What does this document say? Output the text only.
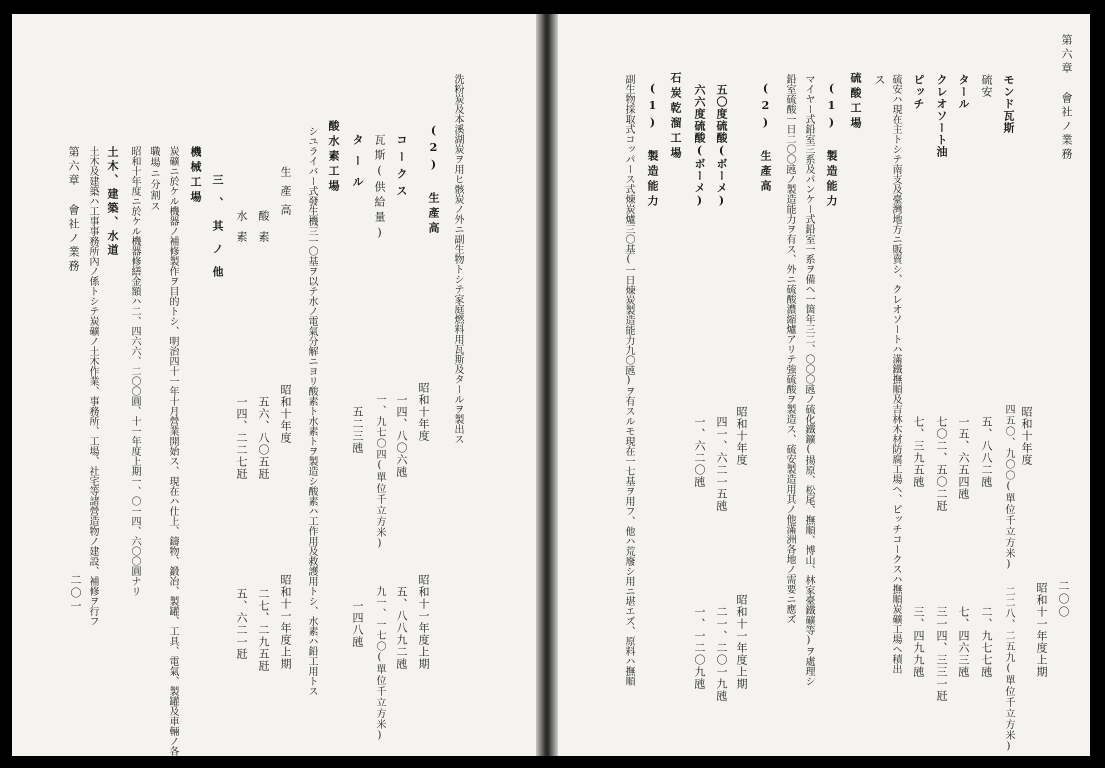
第六章 會社ノ業務
二〇〇
昭和十年度
昭和十一年度上期
モンド瓦斯
四五〇、九〇〇(單位千立方米)
二二八、二五九(單位千立方米)
硫安
五、八八二瓲
二、九七七瓲
タール
一五、六五四瓲
七、四六三瓲
クレオソート油
七〇二、五〇二瓩
三一四、三三一瓩
ピッチ
七、三九五瓲
三、四九九瓲
硫安ハ現在主トシテ南支及臺灣地方ニ販賣シ、クレオソートハ滿鐵撫順及吉林木材防腐工場ヘ、ピッチコークスハ撫順炭礦工場ヘ積出
ス
硫酸工場
(1) 製造能力
マイヤー式鉛室三系及パンケー式鉛室一系ヲ備ヘ一箇年三二、〇〇〇瓲ノ硫化鐵鑛(揚原、松尾、撫順、博山、林家臺鐵礦等)ヲ處理シ
鉛室硫酸一日二〇〇瓲ノ製造能力ヲ有ス、外ニ硫酸濃縮爐アリテ強硫酸ヲ製造ス、硫安製造用其ノ他滿洲各地ノ需要ニ應ズ
(2) 生產高
昭和十年度
昭和十一年度上期
五〇度硫酸(ボーメ)
四一、六二一五瓲
二一、二〇一九瓲
六六度硫酸(ボーメ)
一、六二〇瓲
一、一二〇九瓲
石炭乾溜工場
(1) 製造能力
副生物採取式コッパース式煉炭爐三〇基(一日煉炭製造能力九〇瓲)ヲ有スルモ現在一七基ヲ用フ、他ハ荒廢シ用ニ堪エズ、原料ハ撫順
洗粉炭及本溪湖炭ヲ用ヒ骸炭ノ外ニ副生物トシテ家庭燃料用瓦斯及タールヲ製出ス
(2) 生產高
昭和十年度
昭和十一年度上期
コークス
一四、八〇六瓲
五、八八九二瓲
瓦斯(供給量)
一、九七〇四(單位千立方米)
九一、一七〇(單位千立方米)
タール
五二三瓲
一四八瓲
酸水素工場
シユライバー式發生機三一〇基ヲ以テ水ノ電氣分解ニヨリ酸素ト水素トヲ製造シ酸素ハ工作用及救護用トシ、水素ハ鉛工用トス
生產高
昭和十年度
昭和十一年度上期
酸素
五六、八〇五瓩
二七、二九五瓩
水素
一四、二二七瓩
五、六二一瓩
三、其ノ他
機械工場
炭礦ニ於ケル機器ノ補修製作ヲ目的トシ、明治四十一年十月營業開始ス、現在ハ仕上、鑄物、鍛冶、製罐、工具、電氣、製罐及車輛ノ各
職場ニ分割ス
昭和十年度ニ於ケル機器修繕金額ハ二、四六六、二〇〇圓、十一年度上期一、〇一四、六〇〇圓ナリ
土木、建築、水道
土木及建築ハ工事事務所內ノ係トシテ炭礦ノ土木作業、事務所、工場、社宅等諸營造物ノ建設、補修ヲ行フ
第六章 會社ノ業務
二〇一
